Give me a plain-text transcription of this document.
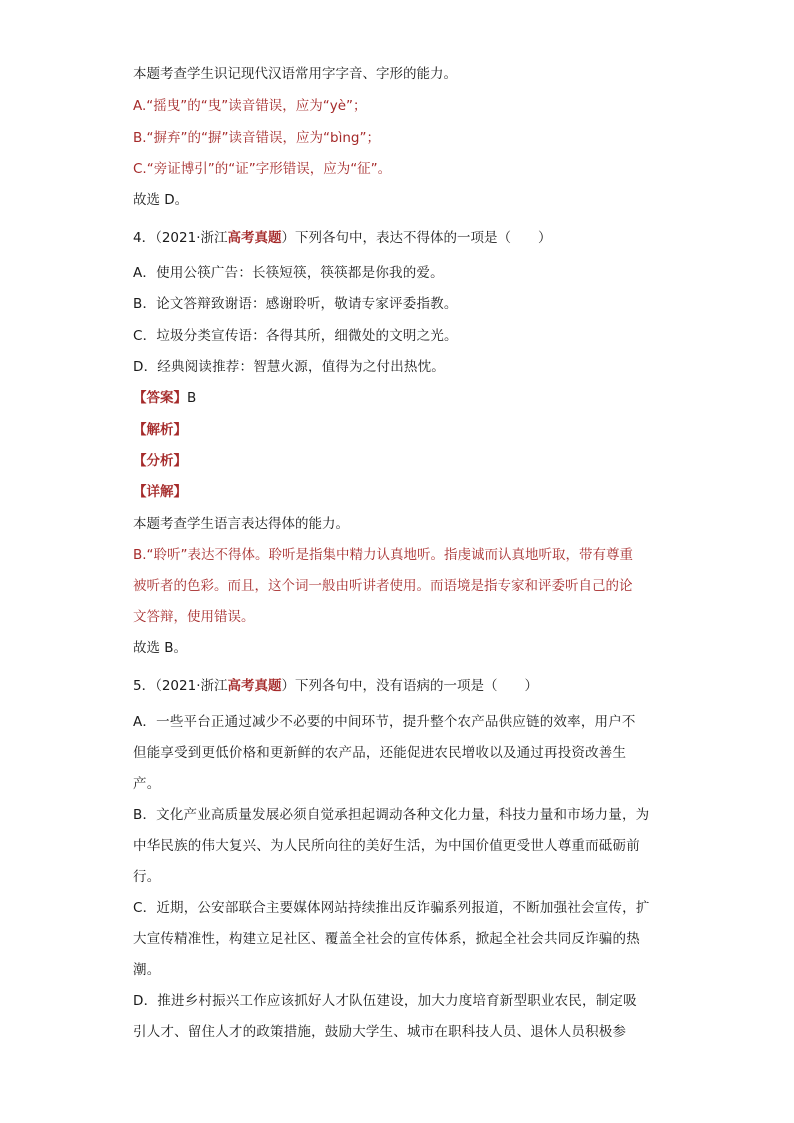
本题考查学生识记现代汉语常用字字音、字形的能力。
A.“摇曳”的“曳”读音错误，应为“yè”；
B.“摒弃”的“摒”读音错误，应为“bìng”；
C.“旁证博引”的“证”字形错误，应为“征”。
故选 D。
4．（2021·浙江高考真题）下列各句中，表达不得体的一项是（　　）
A．使用公筷广告：长筷短筷，筷筷都是你我的爱。
B．论文答辩致谢语：感谢聆听，敬请专家评委指教。
C．垃圾分类宣传语：各得其所，细微处的文明之光。
D．经典阅读推荐：智慧火源，值得为之付出热忱。
【答案】B
【解析】
【分析】
【详解】
本题考查学生语言表达得体的能力。
B.“聆听”表达不得体。聆听是指集中精力认真地听。指虔诚而认真地听取，带有尊重
被听者的色彩。而且，这个词一般由听讲者使用。而语境是指专家和评委听自己的论
文答辩，使用错误。
故选 B。
5．（2021·浙江高考真题）下列各句中，没有语病的一项是（　　）
A．一些平台正通过减少不必要的中间环节，提升整个农产品供应链的效率，用户不
但能享受到更低价格和更新鲜的农产品，还能促进农民增收以及通过再投资改善生
产。
B．文化产业高质量发展必须自觉承担起调动各种文化力量，科技力量和市场力量，为
中华民族的伟大复兴、为人民所向往的美好生活，为中国价值更受世人尊重而砥砺前
行。
C．近期，公安部联合主要媒体网站持续推出反诈骗系列报道，不断加强社会宣传，扩
大宣传精准性，构建立足社区、覆盖全社会的宣传体系，掀起全社会共同反诈骗的热
潮。
D．推进乡村振兴工作应该抓好人才队伍建设，加大力度培育新型职业农民，制定吸
引人才、留住人才的政策措施，鼓励大学生、城市在职科技人员、退休人员积极参
